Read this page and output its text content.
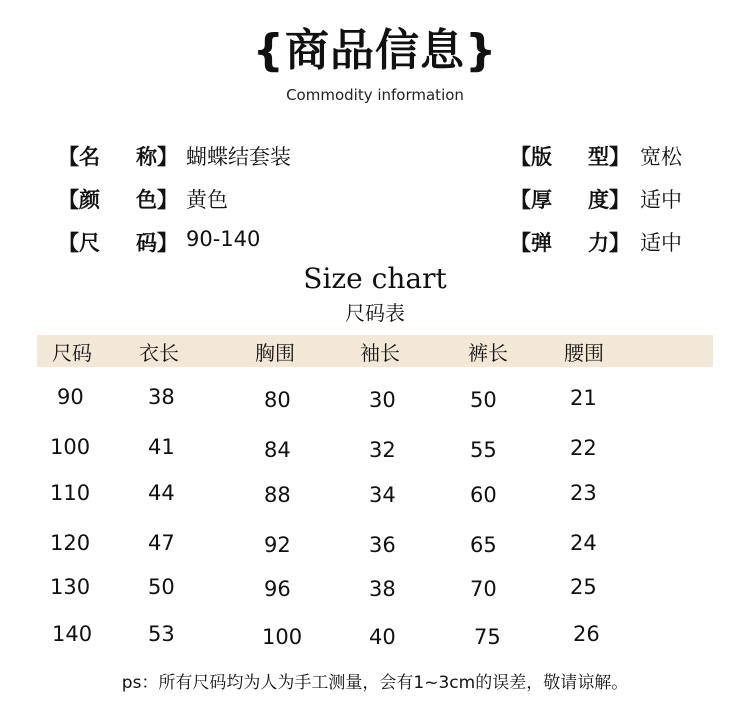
{商品信息}
Commodity information
【名 称】 蝴蝶结套装
【颜 色】 黄色
【尺 码】 90-140
【版 型】 宽松
【厚 度】 适中
【弹 力】 适中
Size chart
尺码表
尺码 衣长	胸围	袖长	裤长	腰围
90	38	80	30	50	21
100	41	84	32	55	22
110	44	88	34	60	23
120	47	92	36	65	24
130	50	96	38	70	25
140	53	100	40	75	26
ps：所有尺码均为人为手工测量，会有1~3cm的误差，敬请谅解。
